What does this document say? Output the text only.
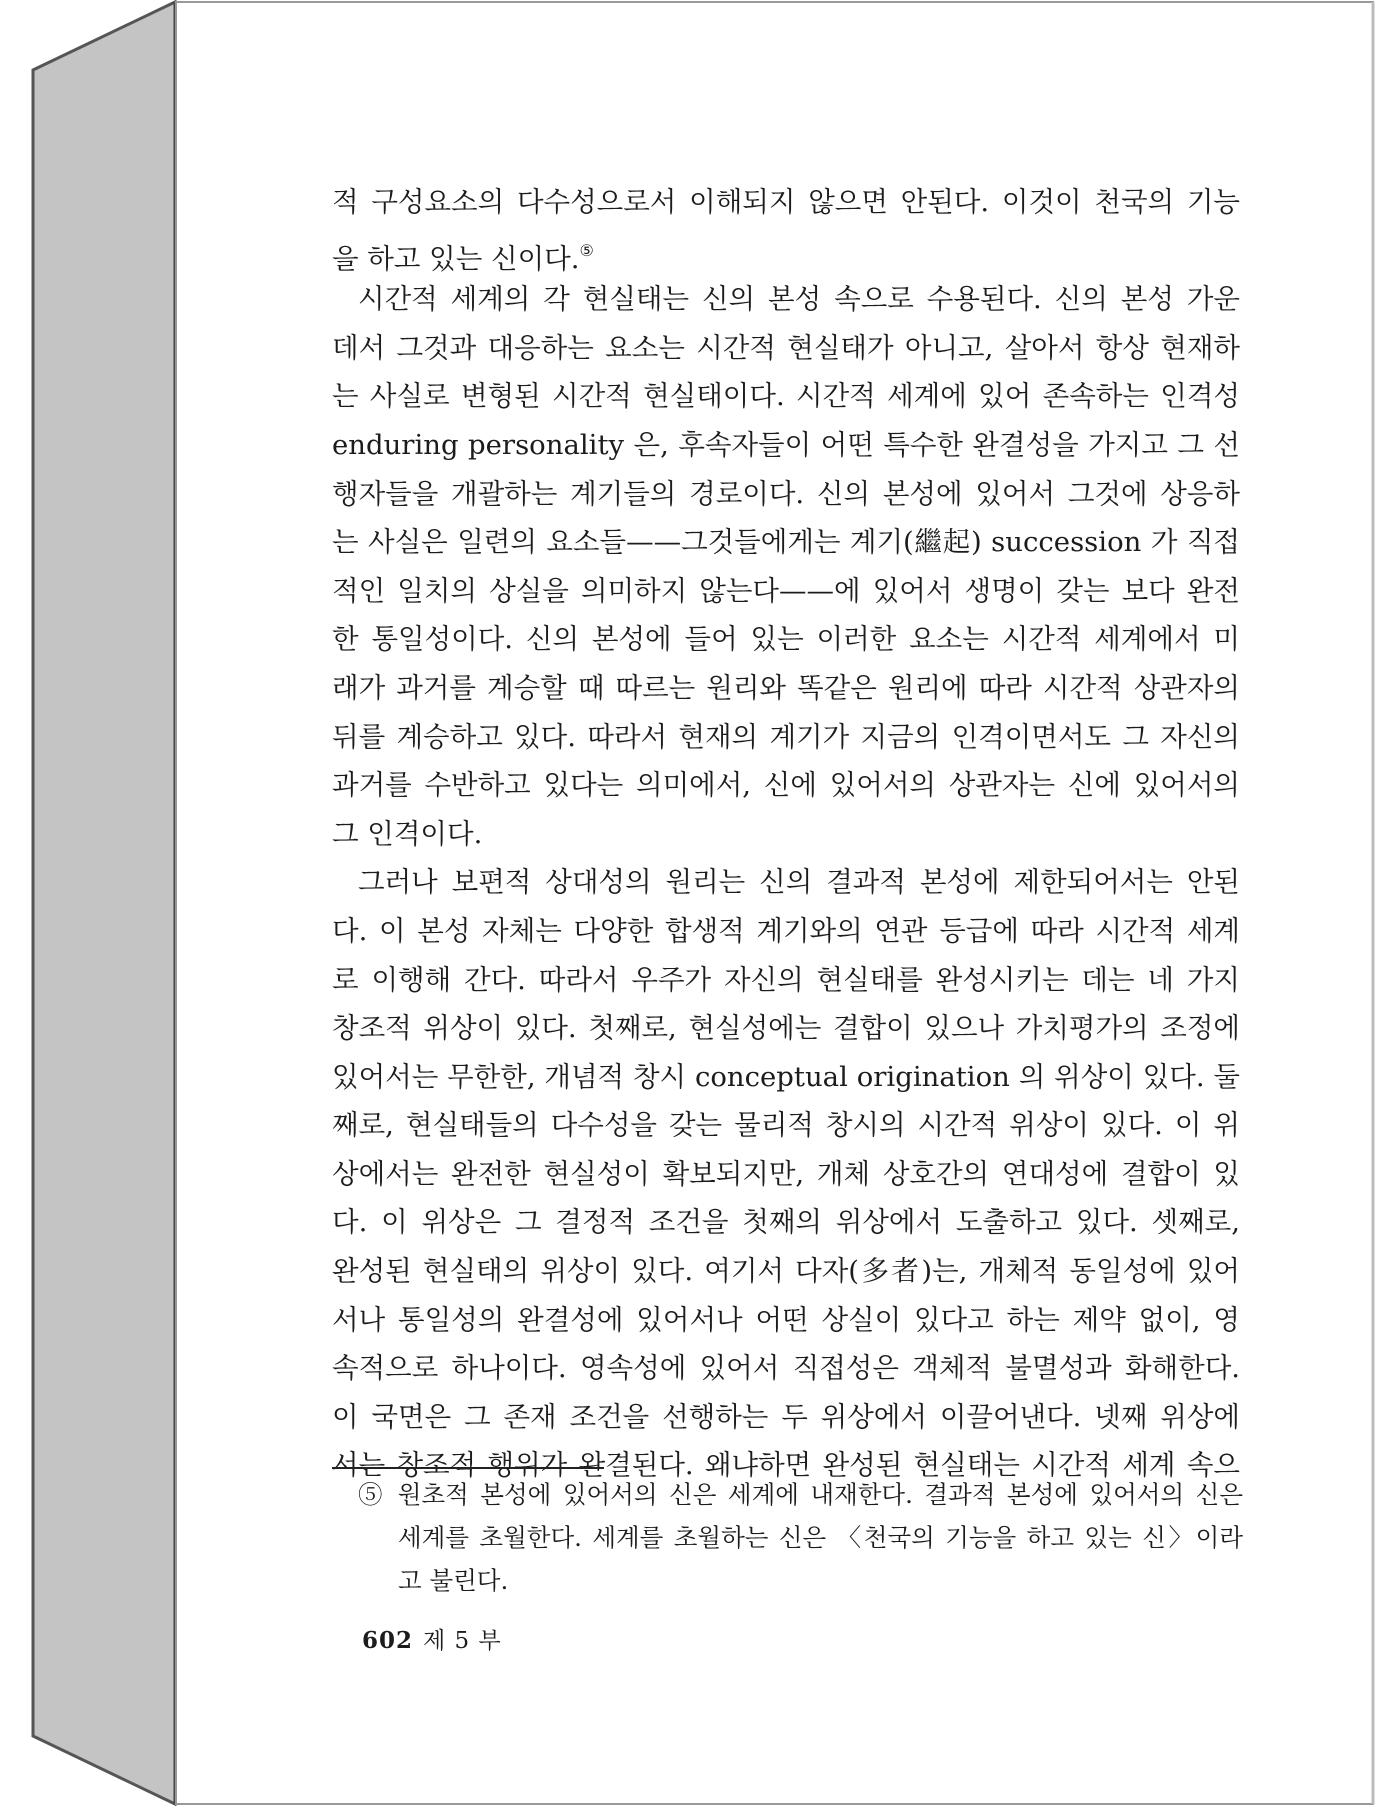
적 구성요소의 다수성으로서 이해되지 않으면 안된다. 이것이 천국의 기능
을 하고 있는 신이다.⑤
시간적 세계의 각 현실태는 신의 본성 속으로 수용된다. 신의 본성 가운
데서 그것과 대응하는 요소는 시간적 현실태가 아니고, 살아서 항상 현재하
는 사실로 변형된 시간적 현실태이다. 시간적 세계에 있어 존속하는 인격성
enduring personality 은, 후속자들이 어떤 특수한 완결성을 가지고 그 선
행자들을 개괄하는 계기들의 경로이다. 신의 본성에 있어서 그것에 상응하
는 사실은 일련의 요소들——그것들에게는 계기(繼起) succession 가 직접
적인 일치의 상실을 의미하지 않는다——에 있어서 생명이 갖는 보다 완전
한 통일성이다. 신의 본성에 들어 있는 이러한 요소는 시간적 세계에서 미
래가 과거를 계승할 때 따르는 원리와 똑같은 원리에 따라 시간적 상관자의
뒤를 계승하고 있다. 따라서 현재의 계기가 지금의 인격이면서도 그 자신의
과거를 수반하고 있다는 의미에서, 신에 있어서의 상관자는 신에 있어서의
그 인격이다.
그러나 보편적 상대성의 원리는 신의 결과적 본성에 제한되어서는 안된
다. 이 본성 자체는 다양한 합생적 계기와의 연관 등급에 따라 시간적 세계
로 이행해 간다. 따라서 우주가 자신의 현실태를 완성시키는 데는 네 가지
창조적 위상이 있다. 첫째로, 현실성에는 결합이 있으나 가치평가의 조정에
있어서는 무한한, 개념적 창시 conceptual origination 의 위상이 있다. 둘
째로, 현실태들의 다수성을 갖는 물리적 창시의 시간적 위상이 있다. 이 위
상에서는 완전한 현실성이 확보되지만, 개체 상호간의 연대성에 결합이 있
다. 이 위상은 그 결정적 조건을 첫째의 위상에서 도출하고 있다. 셋째로,
완성된 현실태의 위상이 있다. 여기서 다자(多者)는, 개체적 동일성에 있어
서나 통일성의 완결성에 있어서나 어떤 상실이 있다고 하는 제약 없이, 영
속적으로 하나이다. 영속성에 있어서 직접성은 객체적 불멸성과 화해한다.
이 국면은 그 존재 조건을 선행하는 두 위상에서 이끌어낸다. 넷째 위상에
서는 창조적 행위가 완결된다. 왜냐하면 완성된 현실태는 시간적 세계 속으
⑤ 원초적 본성에 있어서의 신은 세계에 내재한다. 결과적 본성에 있어서의 신은
세계를 초월한다. 세계를 초월하는 신은 〈천국의 기능을 하고 있는 신〉이라
고 불린다.
602 제 5 부
